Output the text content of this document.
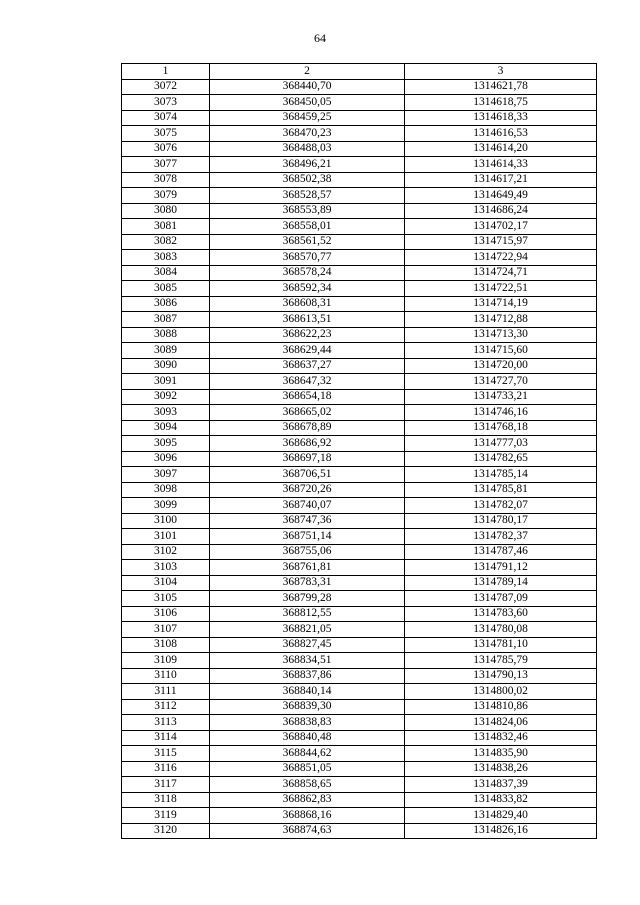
64
1	2	3
3072	368440,70	1314621,78
3073	368450,05	1314618,75
3074	368459,25	1314618,33
3075	368470,23	1314616,53
3076	368488,03	1314614,20
3077	368496,21	1314614,33
3078	368502,38	1314617,21
3079	368528,57	1314649,49
3080	368553,89	1314686,24
3081	368558,01	1314702,17
3082	368561,52	1314715,97
3083	368570,77	1314722,94
3084	368578,24	1314724,71
3085	368592,34	1314722,51
3086	368608,31	1314714,19
3087	368613,51	1314712,88
3088	368622,23	1314713,30
3089	368629,44	1314715,60
3090	368637,27	1314720,00
3091	368647,32	1314727,70
3092	368654,18	1314733,21
3093	368665,02	1314746,16
3094	368678,89	1314768,18
3095	368686,92	1314777,03
3096	368697,18	1314782,65
3097	368706,51	1314785,14
3098	368720,26	1314785,81
3099	368740,07	1314782,07
3100	368747,36	1314780,17
3101	368751,14	1314782,37
3102	368755,06	1314787,46
3103	368761,81	1314791,12
3104	368783,31	1314789,14
3105	368799,28	1314787,09
3106	368812,55	1314783,60
3107	368821,05	1314780,08
3108	368827,45	1314781,10
3109	368834,51	1314785,79
3110	368837,86	1314790,13
3111	368840,14	1314800,02
3112	368839,30	1314810,86
3113	368838,83	1314824,06
3114	368840,48	1314832,46
3115	368844,62	1314835,90
3116	368851,05	1314838,26
3117	368858,65	1314837,39
3118	368862,83	1314833,82
3119	368868,16	1314829,40
3120	368874,63	1314826,16
